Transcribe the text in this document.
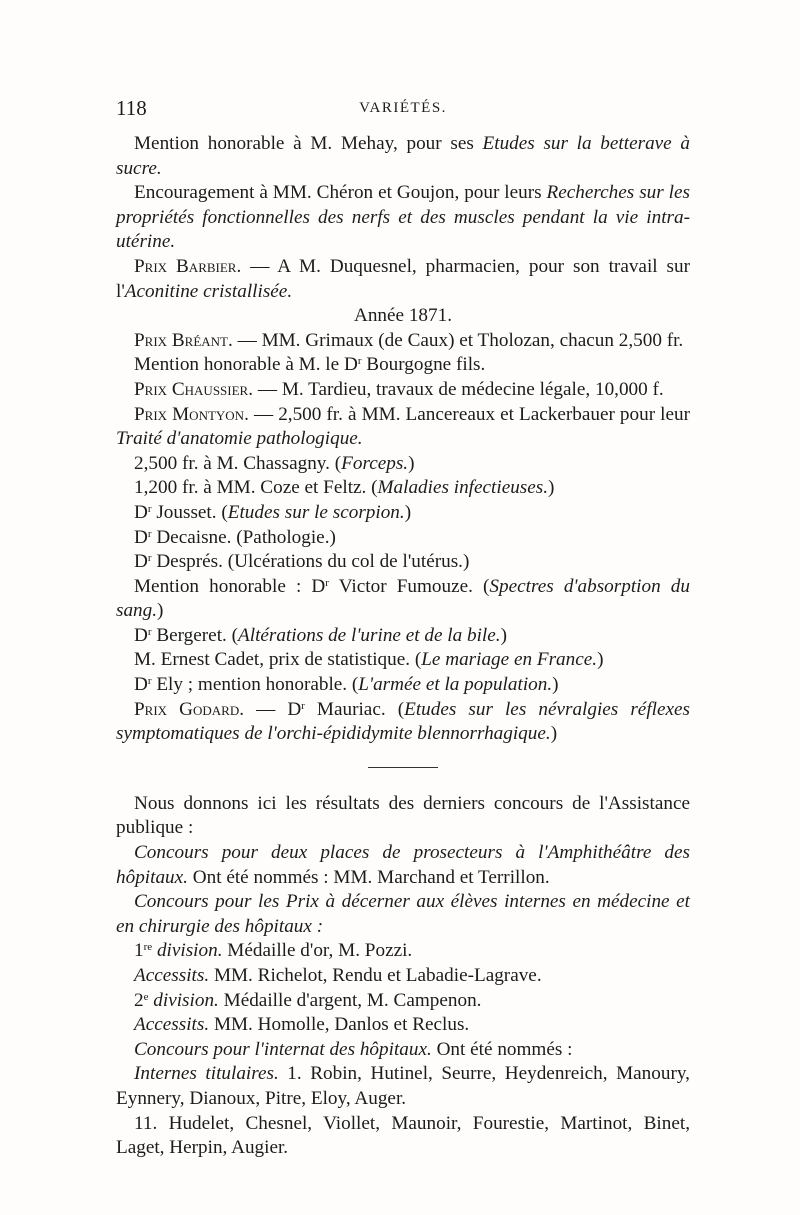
118	VARIÉTÉS.

Mention honorable à M. Mehay, pour ses Etudes sur la betterave à sucre.

Encouragement à MM. Chéron et Goujon, pour leurs Recherches sur les propriétés fonctionnelles des nerfs et des muscles pendant la vie intra-utérine.

Prix Barbier. — A M. Duquesnel, pharmacien, pour son travail sur l'Aconitine cristallisée.

Année 1871.

Prix Bréant. — MM. Grimaux (de Caux) et Tholozan, chacun 2,500 fr.

Mention honorable à M. le $D^r$ Bourgogne fils.

Prix Chaussier. — M. Tardieu, travaux de médecine légale, 10,000 f.

Prix Montyon. — 2,500 fr. à MM. Lancereaux et Lackerbauer pour leur Traité d'anatomie pathologique.

2,500 fr. à M. Chassagny. (Forceps.)

1,200 fr. à MM. Coze et Feltz. (Maladies infectieuses.)

$D^r$ Jousset. (Etudes sur le scorpion.)

$D^r$ Decaisne. (Pathologie.)

$D^r$ Després. (Ulcérations du col de l'utérus.)

Mention honorable : $D^r$ Victor Fumouze. (Spectres d'absorption du sang.)

$D^r$ Bergeret. (Altérations de l'urine et de la bile.)

M. Ernest Cadet, prix de statistique. (Le mariage en France.)

$D^r$ Ely ; mention honorable. (L'armée et la population.)

Prix Godard. — $D^r$ Mauriac. (Etudes sur les névralgies réflexes symptomatiques de l'orchi-épididymite blennorrhagique.)

Nous donnons ici les résultats des derniers concours de l'Assistance publique :

Concours pour deux places de prosecteurs à l'Amphithéâtre des hôpitaux. Ont été nommés : MM. Marchand et Terrillon.

Concours pour les Prix à décerner aux élèves internes en médecine et en chirurgie des hôpitaux :

1re division. Médaille d'or, M. Pozzi.

Accessits. MM. Richelot, Rendu et Labadie-Lagrave.

2e division. Médaille d'argent, M. Campenon.

Accessits. MM. Homolle, Danlos et Reclus.

Concours pour l'internat des hôpitaux. Ont été nommés :

Internes titulaires. 1. Robin, Hutinel, Seurre, Heydenreich, Manoury, Eynnery, Dianoux, Pitre, Eloy, Auger.

11. Hudelet, Chesnel, Viollet, Maunoir, Fourestie, Martinot, Binet, Laget, Herpin, Augier.
